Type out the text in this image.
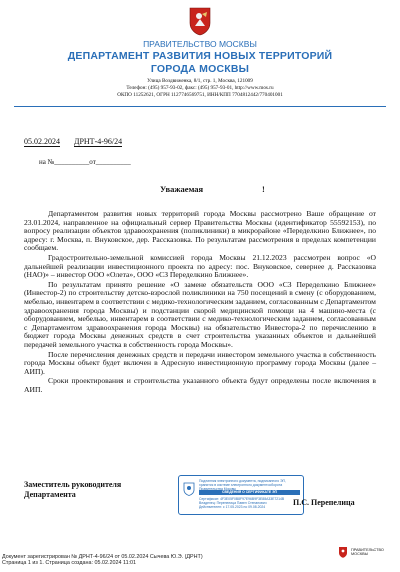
ПРАВИТЕЛЬСТВО МОСКВЫ
ДЕПАРТАМЕНТ РАЗВИТИЯ НОВЫХ ТЕРРИТОРИЙ
ГОРОДА МОСКВЫ
Улица Воздвиженка, 8/1, стр. 1, Москва, 121009
Телефон: (495) 957-93-02, факс: (495) 957-93-01, http://www.mos.ru
ОКПО 11252621, ОГРН 1127746569751, ИНН/КПП 7704812442/770401001
05.02.2024 ДРНТ-4-96/24
на №__________от__________
Уважаемая	!

Департаментом развития новых территорий города Москвы рассмотрено Ваше обращение от 23.01.2024, направленное на официальный сервер Правительства Москвы (идентификатор 55592153), по вопросу реализации объектов здравоохранения (поликлиники) в микрорайоне «Переделкино Ближнее», по адресу: г. Москва, п. Внуковское, дер. Рассказовка. По результатам рассмотрения в пределах компетенции сообщаем.

Градостроительно-земельной комиссией города Москвы 21.12.2023 рассмотрен вопрос «О дальнейшей реализации инвестиционного проекта по адресу: пос. Внуковское, севернее д. Рассказовка (НАО)» – инвестор ООО «Олета», ООО «СЗ Переделкино Ближнее».

По результатам принято решение «О замене обязательств ООО «СЗ Переделкино Ближнее» (Инвестор-2) по строительству детско-взрослой поликлиники на 750 посещений в смену (с оборудованием, мебелью, инвентарем в соответствии с медико-технологическим заданием, согласованным с Департаментом здравоохранения города Москвы) и подстанции скорой медицинской помощи на 4 машино-места (с оборудованием, мебелью, инвентарем в соответствии с медико-технологическим заданием, согласованным с Департаментом здравоохранения города Москвы) на обязательство Инвестора-2 по перечислению в бюджет города Москвы денежных средств в счет строительства указанных объектов и дальнейшей передачей земельного участка в собственность города Москвы».

После перечисления денежных средств и передачи инвестором земельного участка в собственность города Москвы объект будет включен в Адресную инвестиционную программу города Москвы (далее – АИП).

Сроки проектирования и строительства указанного объекта будут определены после включения в АИП.

Заместитель руководителя
Департамента
Подлинник электронного документа, подписанного ЭП, хранится в системе электронного документооборота
СВЕДЕНИЯ О СЕРТИФИКАТЕ ЭП
Сертификат: 4F3E05F0B8F97E96B9F3E88A33E7214B
Владелец: Перепелица Павел Степанович
Действителен: с 17.05.2023 по 09.08.2024
П.С. Перепелица
Документ зарегистрирован № ДРНТ-4-96/24 от 05.02.2024 Сычева Ю.Э. (ДРНТ)
Страница 1 из 1. Страница создана: 05.02.2024 11:01
ПРАВИТЕЛЬСТВО
МОСКВЫ
